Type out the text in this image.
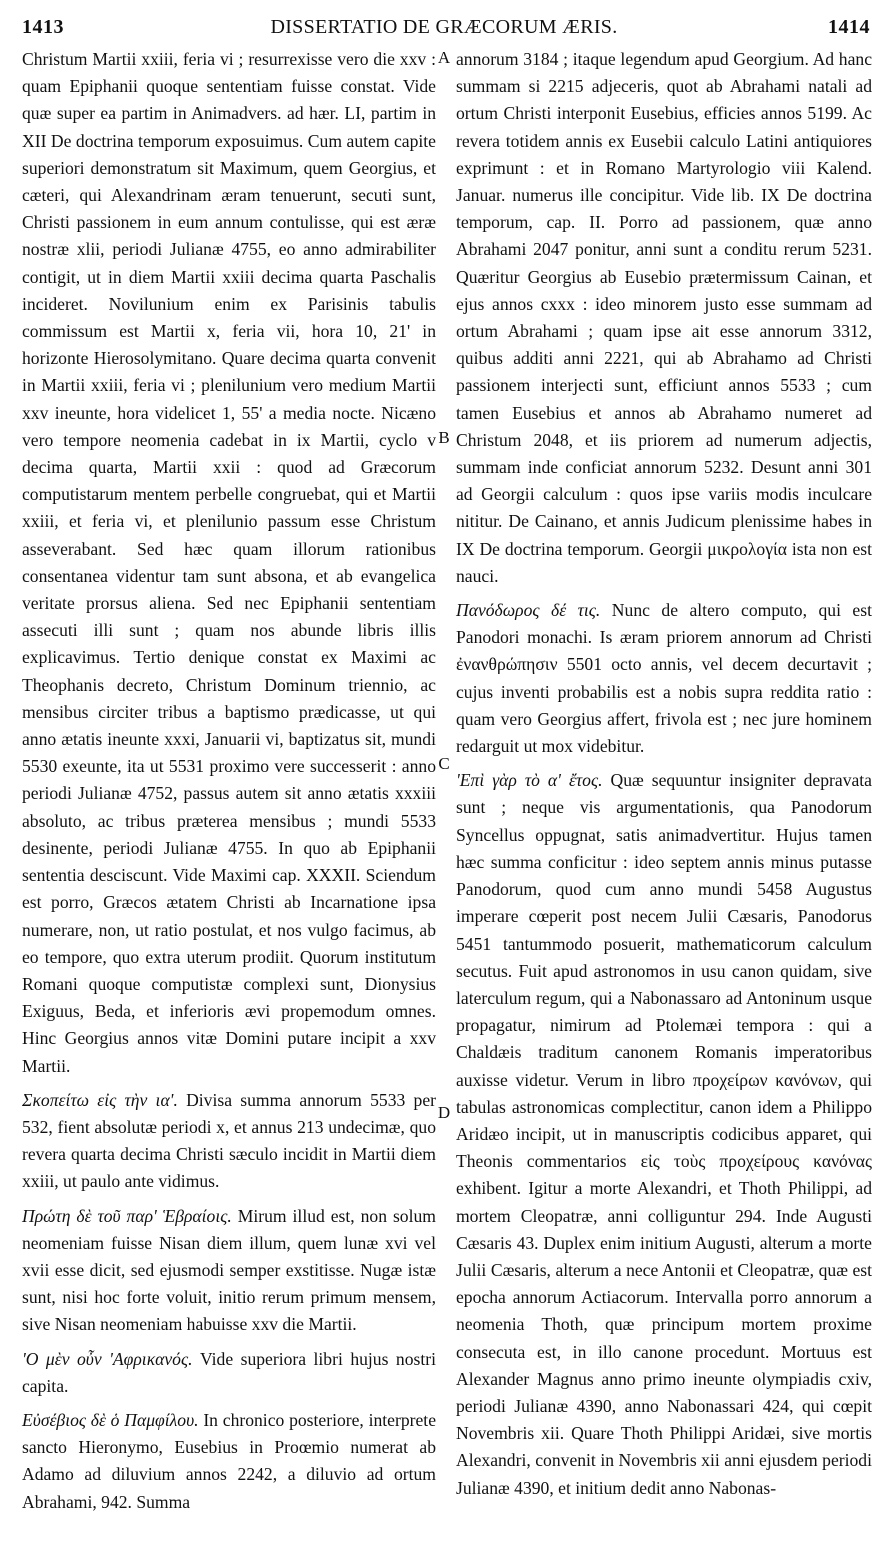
1413	DISSERTATIO DE GRÆCORUM ÆRIS.	1414

Christum Martii xxiii, feria vi ; resurrexisse vero die xxv : quam Epiphanii quoque sententiam fuisse constat. Vide quæ super ea partim in Animadvers. ad hær. LI, partim in XII De doctrina temporum exposuimus. Cum autem capite superiori demonstratum sit Maximum, quem Georgius, et cæteri, qui Alexandrinam æram tenuerunt, secuti sunt, Christi passionem in eum annum contulisse, qui est æræ nostræ xlii, periodi Julianæ 4755, eo anno admirabiliter contigit, ut in diem Martii xxiii decima quarta Paschalis incideret. Novilunium enim ex Parisinis tabulis commissum est Martii x, feria vii, hora 10, 21' in horizonte Hierosolymitano. Quare decima quarta convenit in Martii xxiii, feria vi ; plenilunium vero medium Martii xxv ineunte, hora videlicet 1, 55' a media nocte. Nicæno vero tempore neomenia cadebat in ix Martii, cyclo v decima quarta, Martii xxii : quod ad Græcorum computistarum mentem perbelle congruebat, qui et Martii xxiii, et feria vi, et plenilunio passum esse Christum asseverabant. Sed hæc quam illorum rationibus consentanea videntur tam sunt absona, et ab evangelica veritate prorsus aliena. Sed nec Epiphanii sententiam assecuti illi sunt ; quam nos abunde libris illis explicavimus. Tertio denique constat ex Maximi ac Theophanis decreto, Christum Dominum triennio, ac mensibus circiter tribus a baptismo prædicasse, ut qui anno ætatis ineunte xxxi, Januarii vi, baptizatus sit, mundi 5530 exeunte, ita ut 5531 proximo vere successerit : anno periodi Julianæ 4752, passus autem sit anno ætatis xxxiii absoluto, ac tribus præterea mensibus ; mundi 5533 desinente, periodi Julianæ 4755. In quo ab Epiphanii sententia desciscunt. Vide Maximi cap. XXXII. Sciendum est porro, Græcos ætatem Christi ab Incarnatione ipsa numerare, non, ut ratio postulat, et nos vulgo facimus, ab eo tempore, quo extra uterum prodiit. Quorum institutum Romani quoque computistæ complexi sunt, Dionysius Exiguus, Beda, et inferioris ævi propemodum omnes. Hinc Georgius annos vitæ Domini putare incipit a xxv Martii.

Σκοπείτω εἰς τὴν ια'. Divisa summa annorum 5533 per 532, fient absolutæ periodi x, et annus 213 undecimæ, quo revera quarta decima Christi sæculo incidit in Martii diem xxiii, ut paulo ante vidimus.

Πρώτη δὲ τοῦ παρ' Ἑβραίοις. Mirum illud est, non solum neomeniam fuisse Nisan diem illum, quem lunæ xvi vel xvii esse dicit, sed ejusmodi semper exstitisse. Nugæ istæ sunt, nisi hoc forte voluit, initio rerum primum mensem, sive Nisan neomeniam habuisse xxv die Martii.

'Ο μὲν οὖν 'Αφρικανός. Vide superiora libri hujus nostri capita.

Εὐσέβιος δὲ ὁ Παμφίλου. In chronico posteriore, interprete sancto Hieronymo, Eusebius in Proœmio numerat ab Adamo ad diluvium annos 2242, a diluvio ad ortum Abrahami, 942. Summa

A
B
C
D

annorum 3184 ; itaque legendum apud Georgium. Ad hanc summam si 2215 adjeceris, quot ab Abrahami natali ad ortum Christi interponit Eusebius, efficies annos 5199. Ac revera totidem annis ex Eusebii calculo Latini antiquiores exprimunt : et in Romano Martyrologio viii Kalend. Januar. numerus ille concipitur. Vide lib. IX De doctrina temporum, cap. II. Porro ad passionem, quæ anno Abrahami 2047 ponitur, anni sunt a conditu rerum 5231. Quæritur Georgius ab Eusebio prætermissum Cainan, et ejus annos cxxx : ideo minorem justo esse summam ad ortum Abrahami ; quam ipse ait esse annorum 3312, quibus additi anni 2221, qui ab Abrahamo ad Christi passionem interjecti sunt, efficiunt annos 5533 ; cum tamen Eusebius et annos ab Abrahamo numeret ad Christum 2048, et iis priorem ad numerum adjectis, summam inde conficiat annorum 5232. Desunt anni 301 ad Georgii calculum : quos ipse variis modis inculcare nititur. De Cainano, et annis Judicum plenissime habes in IX De doctrina temporum. Georgii μικρολογία ista non est nauci.

Πανόδωρος δέ τις. Nunc de altero computo, qui est Panodori monachi. Is æram priorem annorum ad Christi ἐνανθρώπησιν 5501 octo annis, vel decem decurtavit ; cujus inventi probabilis est a nobis supra reddita ratio : quam vero Georgius affert, frivola est ; nec jure hominem redarguit ut mox videbitur.

'Επὶ γὰρ τὸ α' ἔτος. Quæ sequuntur insigniter depravata sunt ; neque vis argumentationis, qua Panodorum Syncellus oppugnat, satis animadvertitur. Hujus tamen hæc summa conficitur : ideo septem annis minus putasse Panodorum, quod cum anno mundi 5458 Augustus imperare cœperit post necem Julii Cæsaris, Panodorus 5451 tantummodo posuerit, mathematicorum calculum secutus. Fuit apud astronomos in usu canon quidam, sive laterculum regum, qui a Nabonassaro ad Antoninum usque propagatur, nimirum ad Ptolemæi tempora : qui a Chaldæis traditum canonem Romanis imperatoribus auxisse videtur. Verum in libro προχείρων κανόνων, qui tabulas astronomicas complectitur, canon idem a Philippo Aridæo incipit, ut in manuscriptis codicibus apparet, qui Theonis commentarios εἰς τοὺς προχείρους κανόνας exhibent. Igitur a morte Alexandri, et Thoth Philippi, ad mortem Cleopatræ, anni colliguntur 294. Inde Augusti Cæsaris 43. Duplex enim initium Augusti, alterum a morte Julii Cæsaris, alterum a nece Antonii et Cleopatræ, quæ est epocha annorum Actiacorum. Intervalla porro annorum a neomenia Thoth, quæ principum mortem proxime consecuta est, in illo canone procedunt. Mortuus est Alexander Magnus anno primo ineunte olympiadis cxiv, periodi Julianæ 4390, anno Nabonassari 424, qui cœpit Novembris xii. Quare Thoth Philippi Aridæi, sive mortis Alexandri, convenit in Novembris xii anni ejusdem periodi Julianæ 4390, et initium dedit anno Nabonas-
